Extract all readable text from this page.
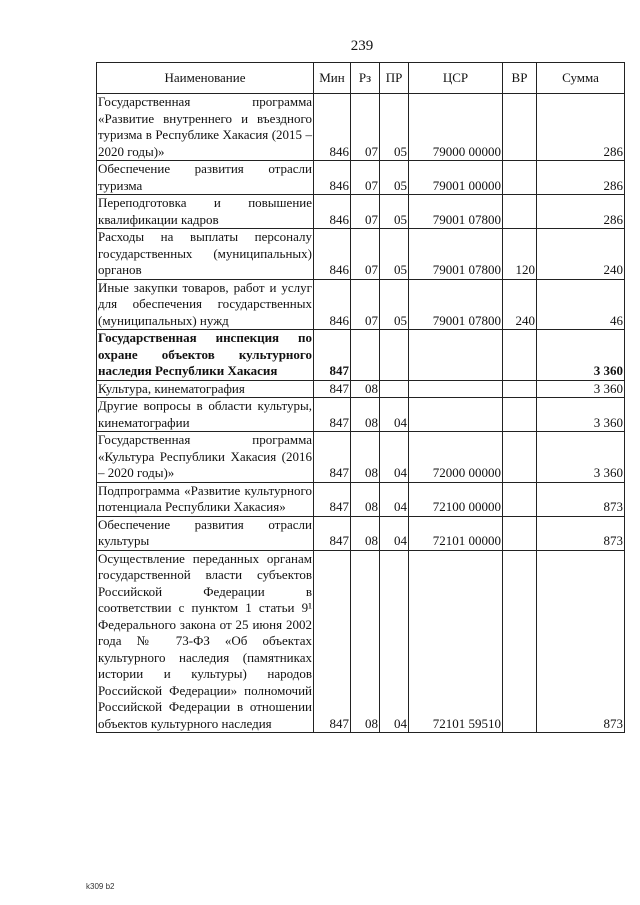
239
Наименование	Мин	Рз	ПР	ЦСР	ВР	Сумма
Государственная программа «Развитие внутреннего и въездного туризма в Республике Хакасия (2015 – 2020 годы)»	846	07	05	79000 00000		286
Обеспечение развития отрасли туризма	846	07	05	79001 00000		286
Переподготовка и повышение квалификации кадров	846	07	05	79001 07800		286
Расходы на выплаты персоналу государственных (муниципальных) органов	846	07	05	79001 07800	120	240
Иные закупки товаров, работ и услуг для обеспечения государственных (муниципальных) нужд	846	07	05	79001 07800	240	46
Государственная инспекция по охране объектов культурного наследия Республики Хакасия	847					3 360
Культура, кинематография	847	08				3 360
Другие вопросы в области культуры, кинематографии	847	08	04			3 360
Государственная программа «Культура Республики Хакасия (2016 – 2020 годы)»	847	08	04	72000 00000		3 360
Подпрограмма «Развитие культурного потенциала Республики Хакасия»	847	08	04	72100 00000		873
Обеспечение развития отрасли культуры	847	08	04	72101 00000		873
Осуществление переданных органам государственной власти субъектов Российской Федерации в соответствии с пунктом 1 статьи 9¹ Федерального закона от 25 июня 2002 года № 73-ФЗ «Об объектах культурного наследия (памятниках истории и культуры) народов Российской Федерации» полномочий Российской Федерации в отношении объектов культурного наследия	847	08	04	72101 59510		873
k309 b2
